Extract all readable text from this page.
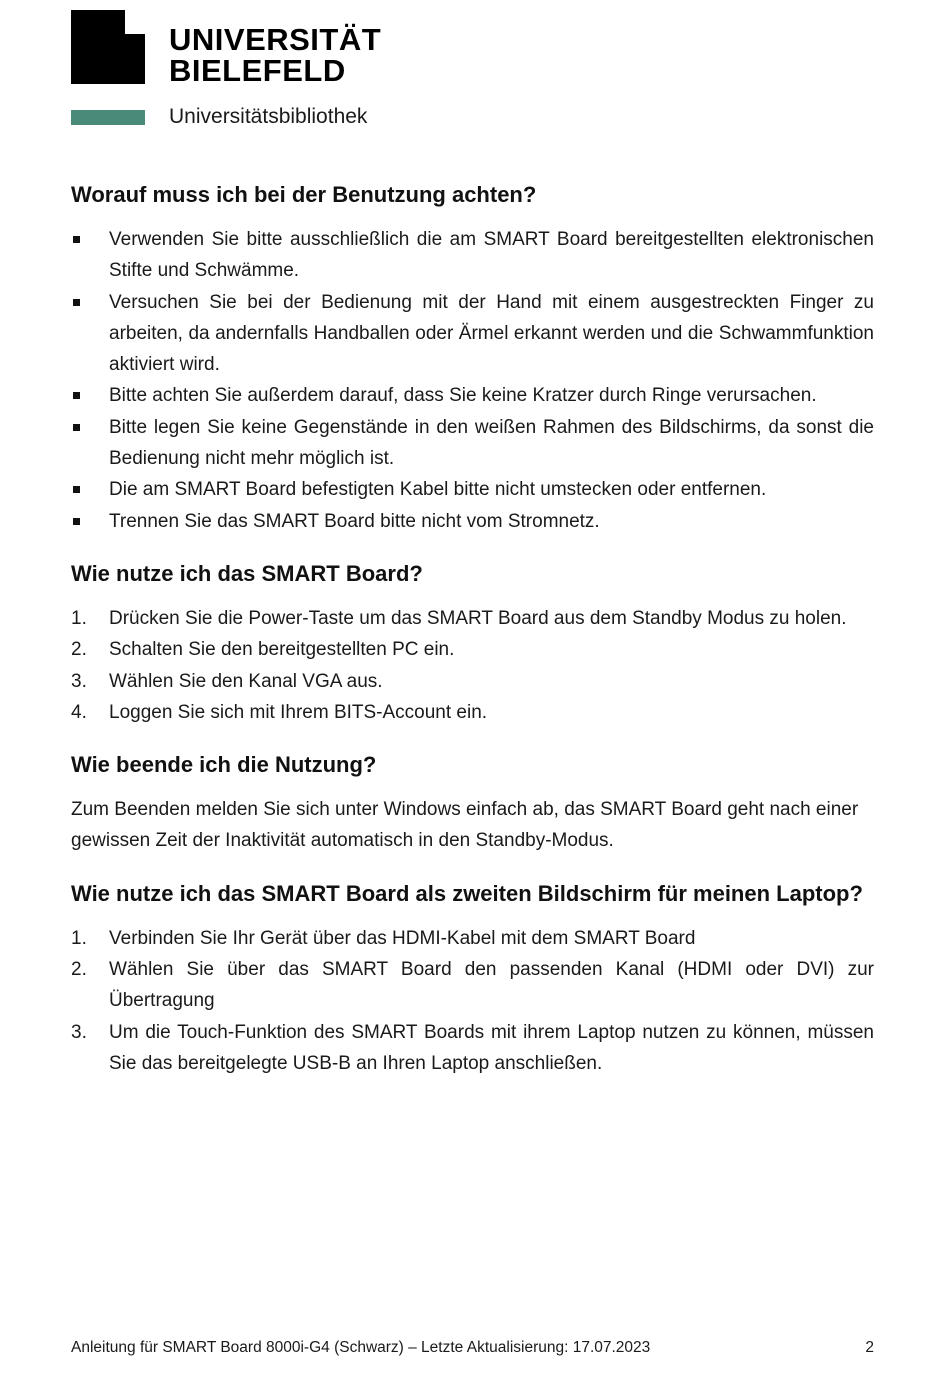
UNIVERSITÄT
BIELEFELD
Universitätsbibliothek
Worauf muss ich bei der Benutzung achten?
Verwenden Sie bitte ausschließlich die am SMART Board bereitgestellten elektronischen Stifte und Schwämme.
Versuchen Sie bei der Bedienung mit der Hand mit einem ausgestreckten Finger zu arbeiten, da andernfalls Handballen oder Ärmel erkannt werden und die Schwammfunktion aktiviert wird.
Bitte achten Sie außerdem darauf, dass Sie keine Kratzer durch Ringe verursachen.
Bitte legen Sie keine Gegenstände in den weißen Rahmen des Bildschirms, da sonst die Bedienung nicht mehr möglich ist.
Die am SMART Board befestigten Kabel bitte nicht umstecken oder entfernen.
Trennen Sie das SMART Board bitte nicht vom Stromnetz.
Wie nutze ich das SMART Board?
1. Drücken Sie die Power-Taste um das SMART Board aus dem Standby Modus zu holen.
2. Schalten Sie den bereitgestellten PC ein.
3. Wählen Sie den Kanal VGA aus.
4. Loggen Sie sich mit Ihrem BITS-Account ein.
Wie beende ich die Nutzung?

Zum Beenden melden Sie sich unter Windows einfach ab, das SMART Board geht nach einer gewissen Zeit der Inaktivität automatisch in den Standby-Modus.

Wie nutze ich das SMART Board als zweiten Bildschirm für meinen Laptop?
1. Verbinden Sie Ihr Gerät über das HDMI-Kabel mit dem SMART Board
2. Wählen Sie über das SMART Board den passenden Kanal (HDMI oder DVI) zur Übertragung
3. Um die Touch-Funktion des SMART Boards mit ihrem Laptop nutzen zu können, müssen Sie das bereitgelegte USB-B an Ihren Laptop anschließen.
Anleitung für SMART Board 8000i-G4 (Schwarz) – Letzte Aktualisierung: 17.07.2023	2
